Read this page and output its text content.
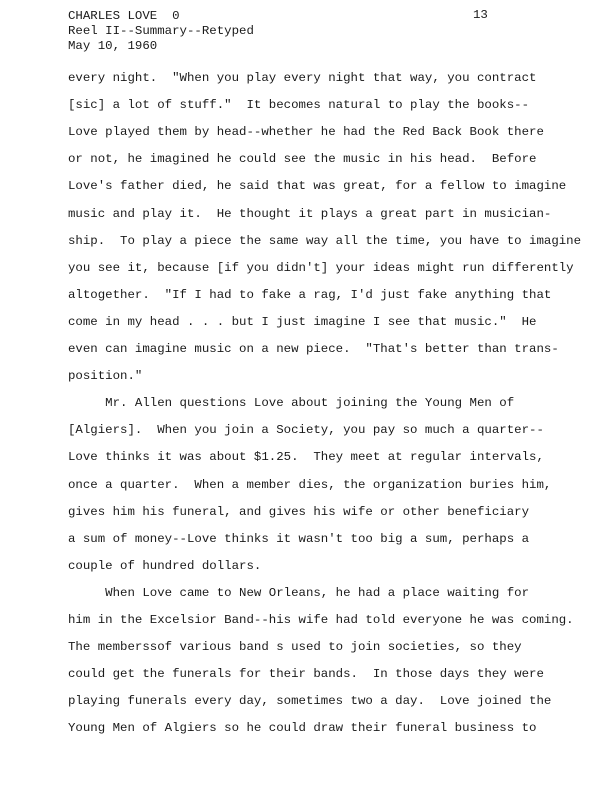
CHARLES LOVE  0
Reel II--Summary--Retyped
May 10, 1960
13
every night.  "When you play every night that way, you contract
[sic] a lot of stuff."  It becomes natural to play the books--
Love played them by head--whether he had the Red Back Book there
or not, he imagined he could see the music in his head.  Before
Love's father died, he said that was great, for a fellow to imagine
music and play it.  He thought it plays a great part in musician-
ship.  To play a piece the same way all the time, you have to imagine
you see it, because [if you didn't] your ideas might run differently
altogether.  "If I had to fake a rag, I'd just fake anything that
come in my head . . . but I just imagine I see that music."  He
even can imagine music on a new piece.  "That's better than trans-
position."
Mr. Allen questions Love about joining the Young Men of
[Algiers].  When you join a Society, you pay so much a quarter--
Love thinks it was about $1.25.  They meet at regular intervals,
once a quarter.  When a member dies, the organization buries him,
gives him his funeral, and gives his wife or other beneficiary
a sum of money--Love thinks it wasn't too big a sum, perhaps a
couple of hundred dollars.
When Love came to New Orleans, he had a place waiting for
him in the Excelsior Band--his wife had told everyone he was coming.
The memberssof various band s used to join societies, so they
could get the funerals for their bands.  In those days they were
playing funerals every day, sometimes two a day.  Love joined the
Young Men of Algiers so he could draw their funeral business to
